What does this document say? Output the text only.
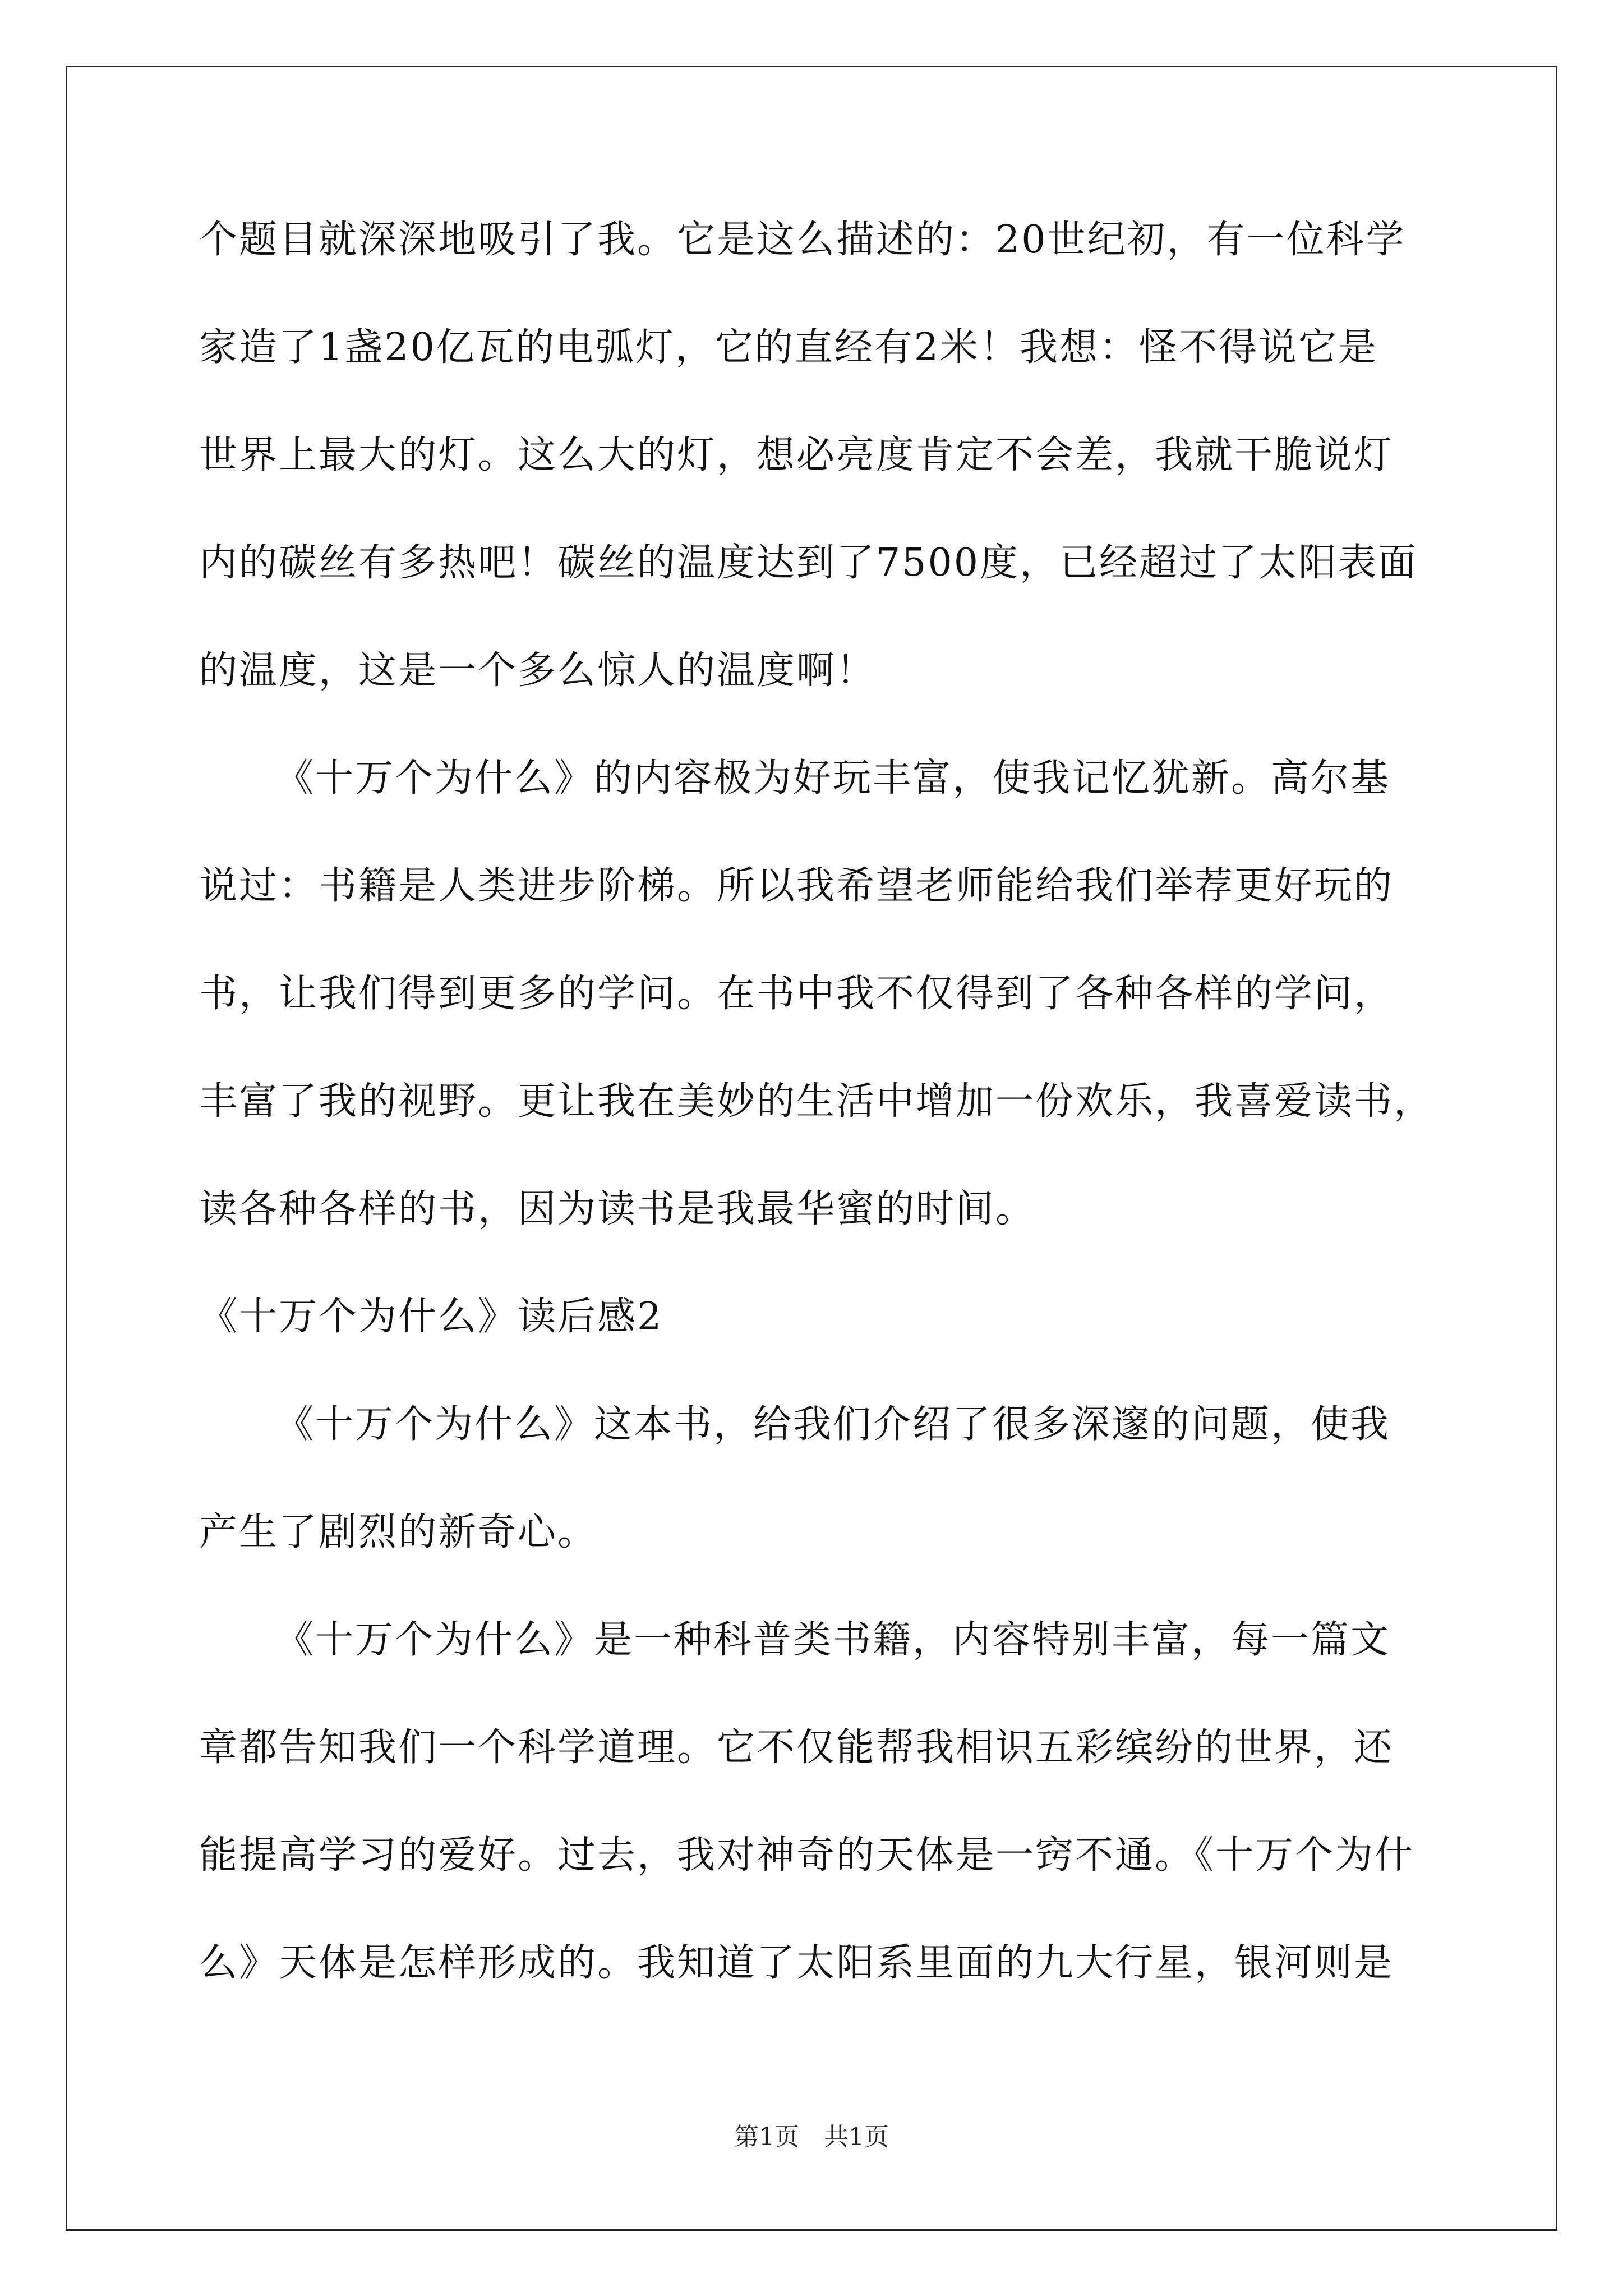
个题目就深深地吸引了我。它是这么描述的：20世纪初，有一位科学
家造了1盏20亿瓦的电弧灯，它的直经有2米！我想：怪不得说它是
世界上最大的灯。这么大的灯，想必亮度肯定不会差，我就干脆说灯
内的碳丝有多热吧！碳丝的温度达到了7500度，已经超过了太阳表面
的温度，这是一个多么惊人的温度啊！
《十万个为什么》的内容极为好玩丰富，使我记忆犹新。高尔基
说过：书籍是人类进步阶梯。所以我希望老师能给我们举荐更好玩的
书，让我们得到更多的学问。在书中我不仅得到了各种各样的学问，
丰富了我的视野。更让我在美妙的生活中增加一份欢乐，我喜爱读书，
读各种各样的书，因为读书是我最华蜜的时间。
《十万个为什么》读后感2
《十万个为什么》这本书，给我们介绍了很多深邃的问题，使我
产生了剧烈的新奇心。
《十万个为什么》是一种科普类书籍，内容特别丰富，每一篇文
章都告知我们一个科学道理。它不仅能帮我相识五彩缤纷的世界，还
能提高学习的爱好。过去，我对神奇的天体是一窍不通。《十万个为什
么》天体是怎样形成的。我知道了太阳系里面的九大行星，银河则是
第1页　共1页
